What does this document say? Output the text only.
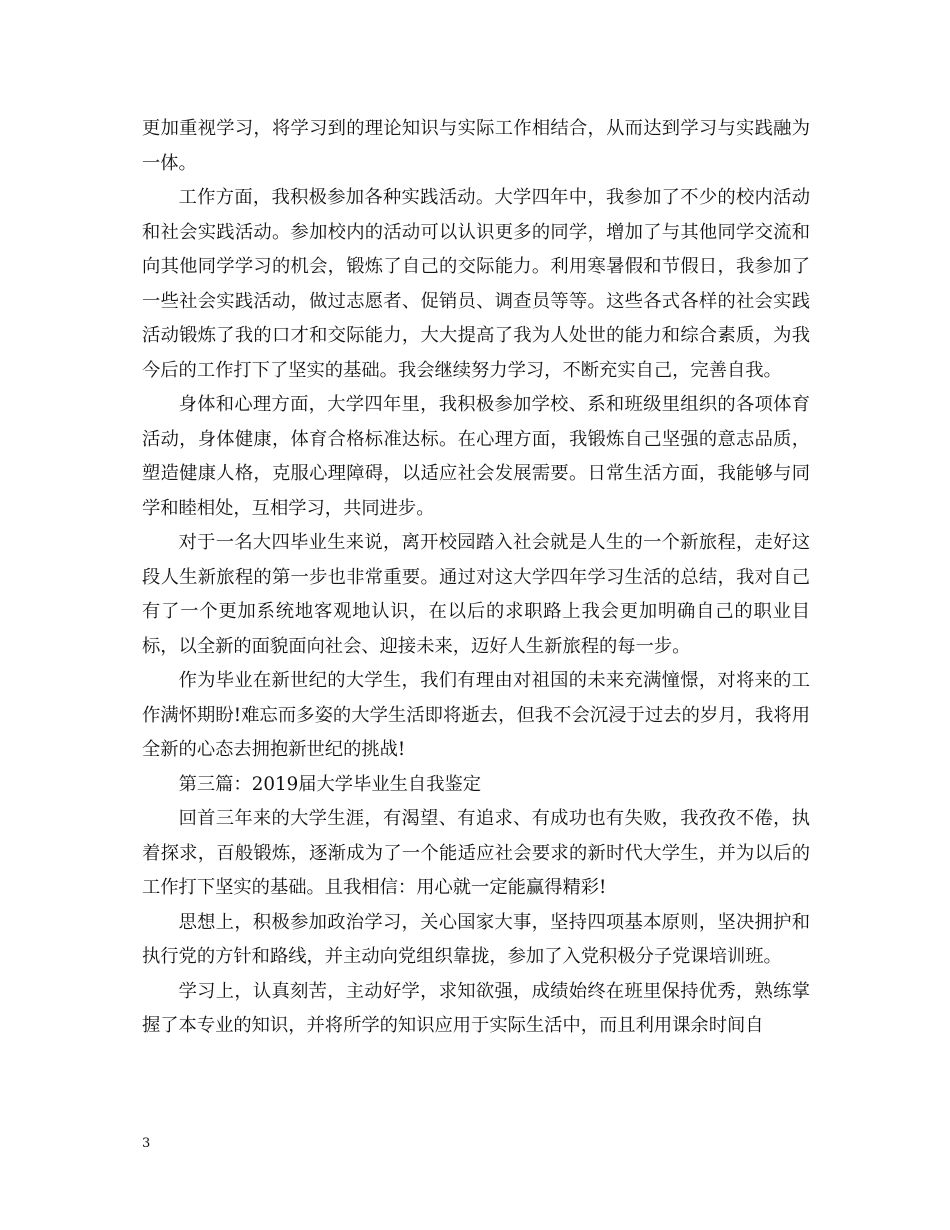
更加重视学习，将学习到的理论知识与实际工作相结合，从而达到学习与实践融为一体。

工作方面，我积极参加各种实践活动。大学四年中，我参加了不少的校内活动和社会实践活动。参加校内的活动可以认识更多的同学，增加了与其他同学交流和向其他同学学习的机会，锻炼了自己的交际能力。利用寒暑假和节假日，我参加了一些社会实践活动，做过志愿者、促销员、调查员等等。这些各式各样的社会实践活动锻炼了我的口才和交际能力，大大提高了我为人处世的能力和综合素质，为我今后的工作打下了坚实的基础。我会继续努力学习，不断充实自己，完善自我。

身体和心理方面，大学四年里，我积极参加学校、系和班级里组织的各项体育活动，身体健康，体育合格标准达标。在心理方面，我锻炼自己坚强的意志品质，塑造健康人格，克服心理障碍，以适应社会发展需要。日常生活方面，我能够与同学和睦相处，互相学习，共同进步。

对于一名大四毕业生来说，离开校园踏入社会就是人生的一个新旅程，走好这段人生新旅程的第一步也非常重要。通过对这大学四年学习生活的总结，我对自己有了一个更加系统地客观地认识，在以后的求职路上我会更加明确自己的职业目标，以全新的面貌面向社会、迎接未来，迈好人生新旅程的每一步。

作为毕业在新世纪的大学生，我们有理由对祖国的未来充满憧憬，对将来的工作满怀期盼!难忘而多姿的大学生活即将逝去，但我不会沉浸于过去的岁月，我将用全新的心态去拥抱新世纪的挑战!

第三篇：2019届大学毕业生自我鉴定

回首三年来的大学生涯，有渴望、有追求、有成功也有失败，我孜孜不倦，执着探求，百般锻炼，逐渐成为了一个能适应社会要求的新时代大学生，并为以后的工作打下坚实的基础。且我相信：用心就一定能赢得精彩!

思想上，积极参加政治学习，关心国家大事，坚持四项基本原则，坚决拥护和执行党的方针和路线，并主动向党组织靠拢，参加了入党积极分子党课培训班。

学习上，认真刻苦，主动好学，求知欲强，成绩始终在班里保持优秀，熟练掌握了本专业的知识，并将所学的知识应用于实际生活中，而且利用课余时间自

3
